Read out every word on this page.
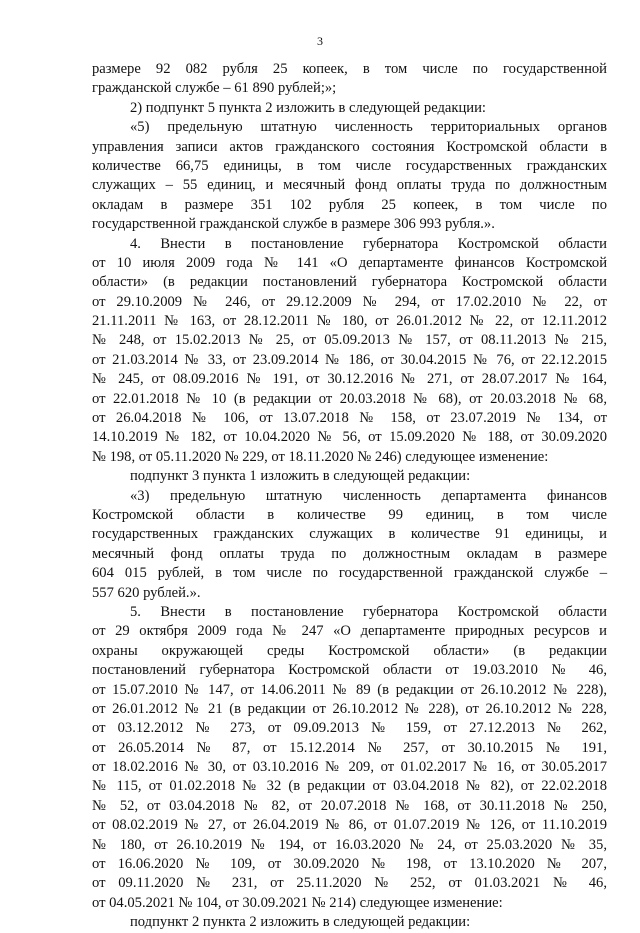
3
размере 92 082 рубля 25 копеек, в том числе по государственной
гражданской службе – 61 890 рублей;»;
2) подпункт 5 пункта 2 изложить в следующей редакции:
«5) предельную штатную численность территориальных органов
управления записи актов гражданского состояния Костромской области в
количестве 66,75 единицы, в том числе государственных гражданских
служащих – 55 единиц, и месячный фонд оплаты труда по должностным
окладам в размере 351 102 рубля 25 копеек, в том числе по
государственной гражданской службе в размере 306 993 рубля.».
4. Внести в постановление губернатора Костромской области
от 10 июля 2009 года № 141 «О департаменте финансов Костромской
области» (в редакции постановлений губернатора Костромской области
от 29.10.2009 № 246, от 29.12.2009 № 294, от 17.02.2010 № 22, от
21.11.2011 № 163, от 28.12.2011 № 180, от 26.01.2012 № 22, от 12.11.2012
№ 248, от 15.02.2013 № 25, от 05.09.2013 № 157, от 08.11.2013 № 215,
от 21.03.2014 № 33, от 23.09.2014 № 186, от 30.04.2015 № 76, от 22.12.2015
№ 245, от 08.09.2016 № 191, от 30.12.2016 № 271, от 28.07.2017 № 164,
от 22.01.2018 № 10 (в редакции от 20.03.2018 № 68), от 20.03.2018 № 68,
от 26.04.2018 № 106, от 13.07.2018 № 158, от 23.07.2019 № 134, от
14.10.2019 № 182, от 10.04.2020 № 56, от 15.09.2020 № 188, от 30.09.2020
№ 198, от 05.11.2020 № 229, от 18.11.2020 № 246) следующее изменение:
подпункт 3 пункта 1 изложить в следующей редакции:
«3) предельную штатную численность департамента финансов
Костромской области в количестве 99 единиц, в том числе
государственных гражданских служащих в количестве 91 единицы, и
месячный фонд оплаты труда по должностным окладам в размере
604 015 рублей, в том числе по государственной гражданской службе –
557 620 рублей.».
5. Внести в постановление губернатора Костромской области
от 29 октября 2009 года № 247 «О департаменте природных ресурсов и
охраны окружающей среды Костромской области» (в редакции
постановлений губернатора Костромской области от 19.03.2010 № 46,
от 15.07.2010 № 147, от 14.06.2011 № 89 (в редакции от 26.10.2012 № 228),
от 26.01.2012 № 21 (в редакции от 26.10.2012 № 228), от 26.10.2012 № 228,
от 03.12.2012 № 273, от 09.09.2013 № 159, от 27.12.2013 № 262,
от 26.05.2014 № 87, от 15.12.2014 № 257, от 30.10.2015 № 191,
от 18.02.2016 № 30, от 03.10.2016 № 209, от 01.02.2017 № 16, от 30.05.2017
№ 115, от 01.02.2018 № 32 (в редакции от 03.04.2018 № 82), от 22.02.2018
№ 52, от 03.04.2018 № 82, от 20.07.2018 № 168, от 30.11.2018 № 250,
от 08.02.2019 № 27, от 26.04.2019 № 86, от 01.07.2019 № 126, от 11.10.2019
№ 180, от 26.10.2019 № 194, от 16.03.2020 № 24, от 25.03.2020 № 35,
от 16.06.2020 № 109, от 30.09.2020 № 198, от 13.10.2020 № 207,
от 09.11.2020 № 231, от 25.11.2020 № 252, от 01.03.2021 № 46,
от 04.05.2021 № 104, от 30.09.2021 № 214) следующее изменение:
подпункт 2 пункта 2 изложить в следующей редакции:
